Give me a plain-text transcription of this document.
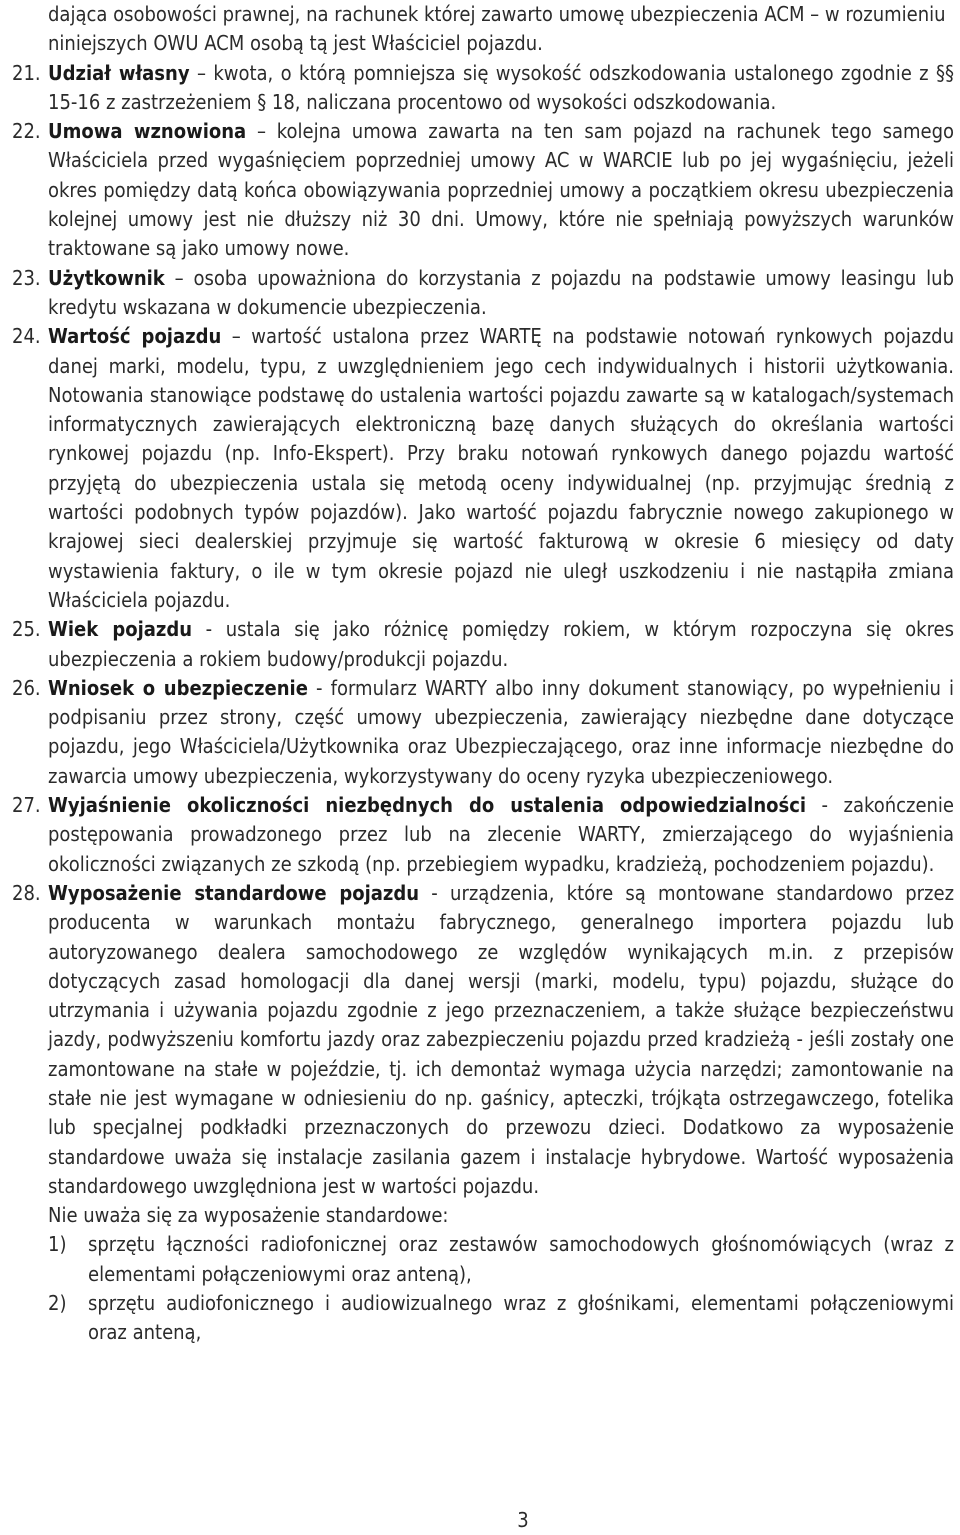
dająca osobowości prawnej, na rachunek której zawarto umowę ubezpieczenia ACM – w rozumieniu niniejszych OWU ACM osobą tą jest Właściciel pojazdu.
21. Udział własny – kwota, o którą pomniejsza się wysokość odszkodowania ustalonego zgodnie z §§ 15-16 z zastrzeżeniem § 18, naliczana procentowo od wysokości odszkodowania.
22. Umowa wznowiona – kolejna umowa zawarta na ten sam pojazd na rachunek tego samego Właściciela przed wygaśnięciem poprzedniej umowy AC w WARCIE lub po jej wygaśnięciu, jeżeli okres pomiędzy datą końca obowiązywania poprzedniej umowy a początkiem okresu ubezpieczenia kolejnej umowy jest nie dłuższy niż 30 dni. Umowy, które nie spełniają powyższych warunków traktowane są jako umowy nowe.
23. Użytkownik – osoba upoważniona do korzystania z pojazdu na podstawie umowy leasingu lub kredytu wskazana w dokumencie ubezpieczenia.
24. Wartość pojazdu – wartość ustalona przez WARTĘ na podstawie notowań rynkowych pojazdu danej marki, modelu, typu, z uwzględnieniem jego cech indywidualnych i historii użytkowania. Notowania stanowiące podstawę do ustalenia wartości pojazdu zawarte są w katalogach/systemach informatycznych zawierających elektroniczną bazę danych służących do określania wartości rynkowej pojazdu (np. Info-Ekspert). Przy braku notowań rynkowych danego pojazdu wartość przyjętą do ubezpieczenia ustala się metodą oceny indywidualnej (np. przyjmując średnią z wartości podobnych typów pojazdów). Jako wartość pojazdu fabrycznie nowego zakupionego w krajowej sieci dealerskiej przyjmuje się wartość fakturową w okresie 6 miesięcy od daty wystawienia faktury, o ile w tym okresie pojazd nie uległ uszkodzeniu i nie nastąpiła zmiana Właściciela pojazdu.
25. Wiek pojazdu - ustala się jako różnicę pomiędzy rokiem, w którym rozpoczyna się okres ubezpieczenia a rokiem budowy/produkcji pojazdu.
26. Wniosek o ubezpieczenie - formularz WARTY albo inny dokument stanowiący, po wypełnieniu i podpisaniu przez strony, część umowy ubezpieczenia, zawierający niezbędne dane dotyczące pojazdu, jego Właściciela/Użytkownika oraz Ubezpieczającego, oraz inne informacje niezbędne do zawarcia umowy ubezpieczenia, wykorzystywany do oceny ryzyka ubezpieczeniowego.
27. Wyjaśnienie okoliczności niezbędnych do ustalenia odpowiedzialności - zakończenie postępowania prowadzonego przez lub na zlecenie WARTY, zmierzającego do wyjaśnienia okoliczności związanych ze szkodą (np. przebiegiem wypadku, kradzieżą, pochodzeniem pojazdu).
28. Wyposażenie standardowe pojazdu - urządzenia, które są montowane standardowo przez producenta w warunkach montażu fabrycznego, generalnego importera pojazdu lub autoryzowanego dealera samochodowego ze względów wynikających m.in. z przepisów dotyczących zasad homologacji dla danej wersji (marki, modelu, typu) pojazdu, służące do utrzymania i używania pojazdu zgodnie z jego przeznaczeniem, a także służące bezpieczeństwu jazdy, podwyższeniu komfortu jazdy oraz zabezpieczeniu pojazdu przed kradzieżą - jeśli zostały one zamontowane na stałe w pojeździe, tj. ich demontaż wymaga użycia narzędzi; zamontowanie na stałe nie jest wymagane w odniesieniu do np. gaśnicy, apteczki, trójkąta ostrzegawczego, fotelika lub specjalnej podkładki przeznaczonych do przewozu dzieci. Dodatkowo za wyposażenie standardowe uważa się instalacje zasilania gazem i instalacje hybrydowe. Wartość wyposażenia standardowego uwzględniona jest w wartości pojazdu.
Nie uważa się za wyposażenie standardowe:
1) sprzętu łączności radiofonicznej oraz zestawów samochodowych głośnomówiących (wraz z elementami połączeniowymi oraz anteną),
2) sprzętu audiofonicznego i audiowizualnego wraz z głośnikami, elementami połączeniowymi oraz anteną,
3
